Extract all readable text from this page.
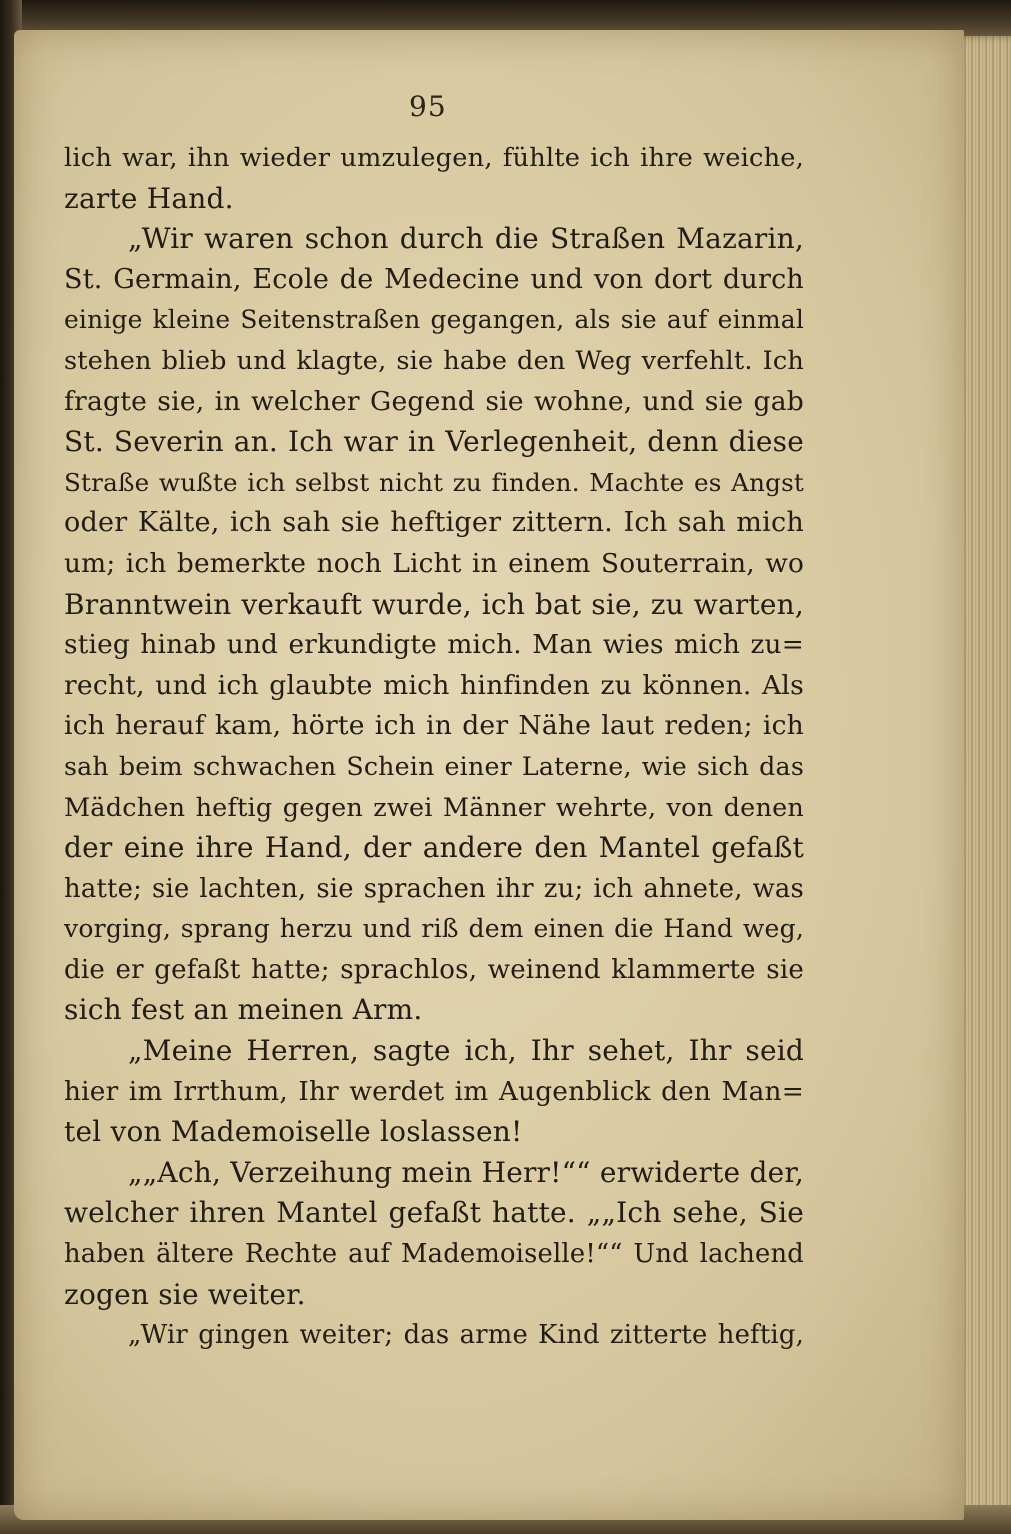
95
lich war, ihn wieder umzulegen, fühlte ich ihre weiche,
zarte Hand.
„Wir waren schon durch die Straßen Mazarin,
St. Germain, Ecole de Medecine und von dort durch
einige kleine Seitenstraßen gegangen, als sie auf einmal
stehen blieb und klagte, sie habe den Weg verfehlt. Ich
fragte sie, in welcher Gegend sie wohne, und sie gab
St. Severin an. Ich war in Verlegenheit, denn diese
Straße wußte ich selbst nicht zu finden. Machte es Angst
oder Kälte, ich sah sie heftiger zittern. Ich sah mich
um; ich bemerkte noch Licht in einem Souterrain, wo
Branntwein verkauft wurde, ich bat sie, zu warten,
stieg hinab und erkundigte mich. Man wies mich zu=
recht, und ich glaubte mich hinfinden zu können. Als
ich herauf kam, hörte ich in der Nähe laut reden; ich
sah beim schwachen Schein einer Laterne, wie sich das
Mädchen heftig gegen zwei Männer wehrte, von denen
der eine ihre Hand, der andere den Mantel gefaßt
hatte; sie lachten, sie sprachen ihr zu; ich ahnete, was
vorging, sprang herzu und riß dem einen die Hand weg,
die er gefaßt hatte; sprachlos, weinend klammerte sie
sich fest an meinen Arm.
„Meine Herren, sagte ich, Ihr sehet, Ihr seid
hier im Irrthum, Ihr werdet im Augenblick den Man=
tel von Mademoiselle loslassen!
„„Ach, Verzeihung mein Herr!““ erwiderte der,
welcher ihren Mantel gefaßt hatte. „„Ich sehe, Sie
haben ältere Rechte auf Mademoiselle!““ Und lachend
zogen sie weiter.
„Wir gingen weiter; das arme Kind zitterte heftig,
